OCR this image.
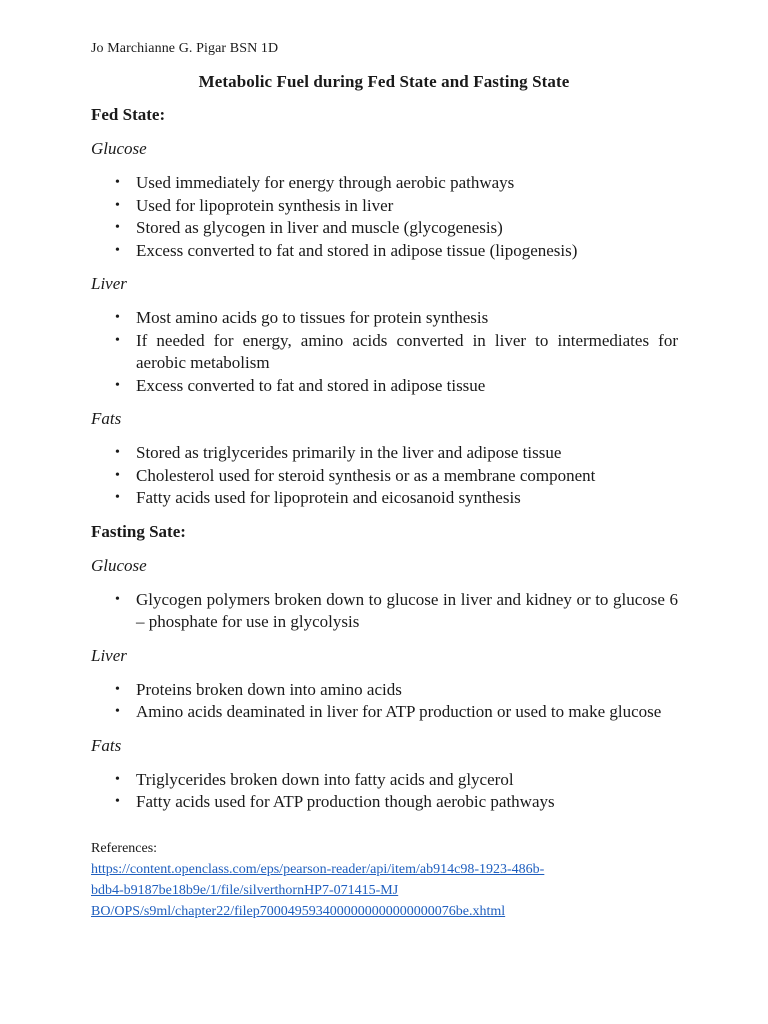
Jo Marchianne G. Pigar BSN 1D
Metabolic Fuel during Fed State and Fasting State

Fed State:

Glucose

• Used immediately for energy through aerobic pathways
• Used for lipoprotein synthesis in liver
• Stored as glycogen in liver and muscle (glycogenesis)
• Excess converted to fat and stored in adipose tissue (lipogenesis)

Liver

• Most amino acids go to tissues for protein synthesis
• If needed for energy, amino acids converted in liver to intermediates for aerobic metabolism
• Excess converted to fat and stored in adipose tissue

Fats

• Stored as triglycerides primarily in the liver and adipose tissue
• Cholesterol used for steroid synthesis or as a membrane component
• Fatty acids used for lipoprotein and eicosanoid synthesis

Fasting Sate:

Glucose

• Glycogen polymers broken down to glucose in liver and kidney or to glucose 6 – phosphate for use in glycolysis

Liver

• Proteins broken down into amino acids
• Amino acids deaminated in liver for ATP production or used to make glucose

Fats

• Triglycerides broken down into fatty acids and glycerol
• Fatty acids used for ATP production though aerobic pathways
References:
https://content.openclass.com/eps/pearson-reader/api/item/ab914c98-1923-486b-
bdb4-b9187be18b9e/1/file/silverthornHP7-071415-MJ
BO/OPS/s9ml/chapter22/filep7000495934000000000000000076be.xhtml
